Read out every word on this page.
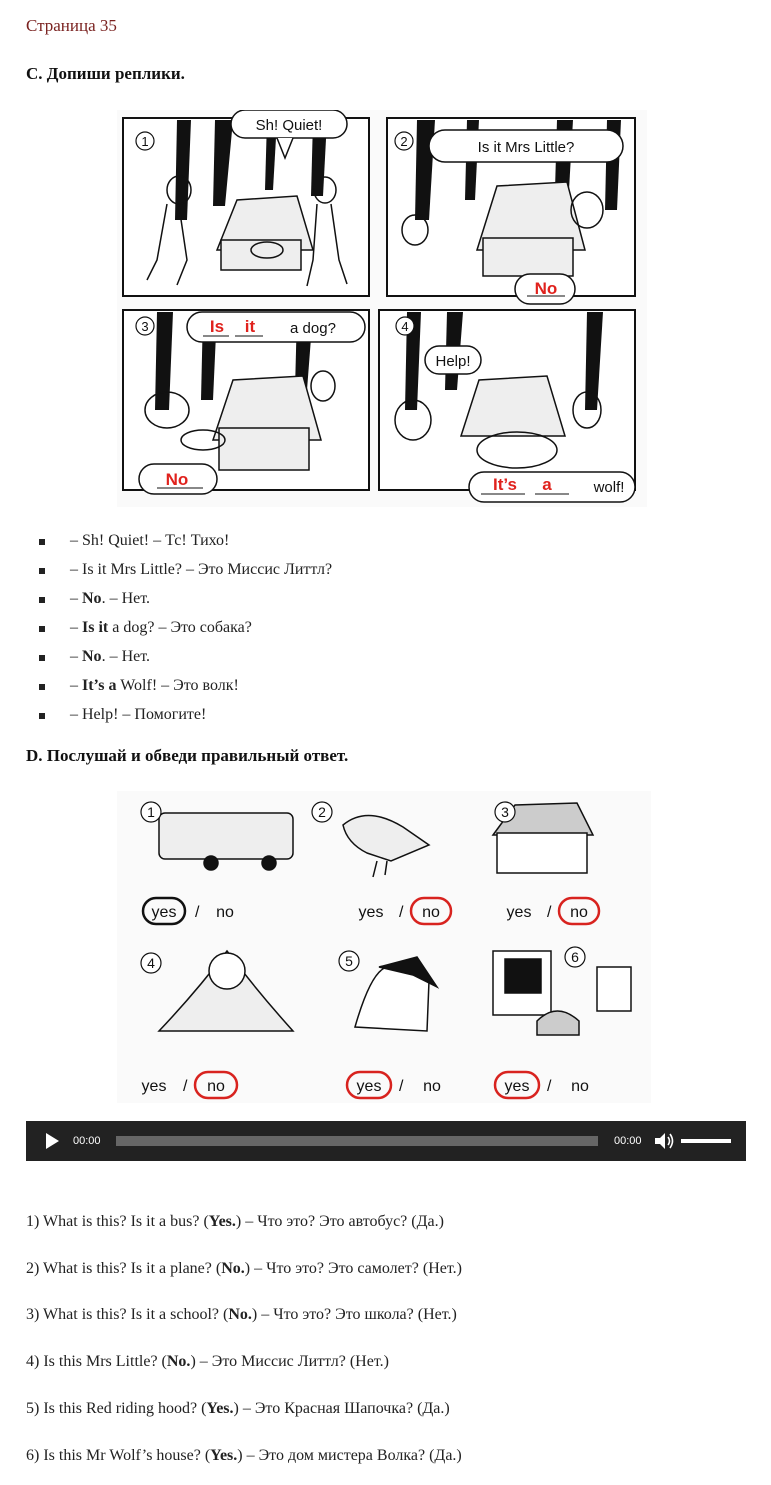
Страница 35
C. Допиши реплики.
1	2
3	4
Sh! Quiet!
Is it Mrs Little?
a dog?
Help!
wolf!
No
Is it
No	It’s a
– Sh! Quiet! – Тс! Тихо!
– Is it Mrs Little? – Это Миссис Литтл?
– No. – Нет.
– Is it a dog? – Это собака?
– No. – Нет.
– It’s a Wolf! – Это волк!
– Help! – Помогите!
D. Послушай и обведи правильный ответ.
1	2	3
4	5	6
yes / no	yes / no	yes / no
yes / no	yes / no	yes / no
00:00	00:00
1) What is this? Is it a bus? (Yes.) – Что это? Это автобус? (Да.)
2) What is this? Is it a plane? (No.) – Что это? Это самолет? (Нет.)
3) What is this? Is it a school? (No.) – Что это? Это школа? (Нет.)
4) Is this Mrs Little? (No.) – Это Миссис Литтл? (Нет.)
5) Is this Red riding hood? (Yes.) – Это Красная Шапочка? (Да.)
6) Is this Mr Wolf’s house? (Yes.) – Это дом мистера Волка? (Да.)
